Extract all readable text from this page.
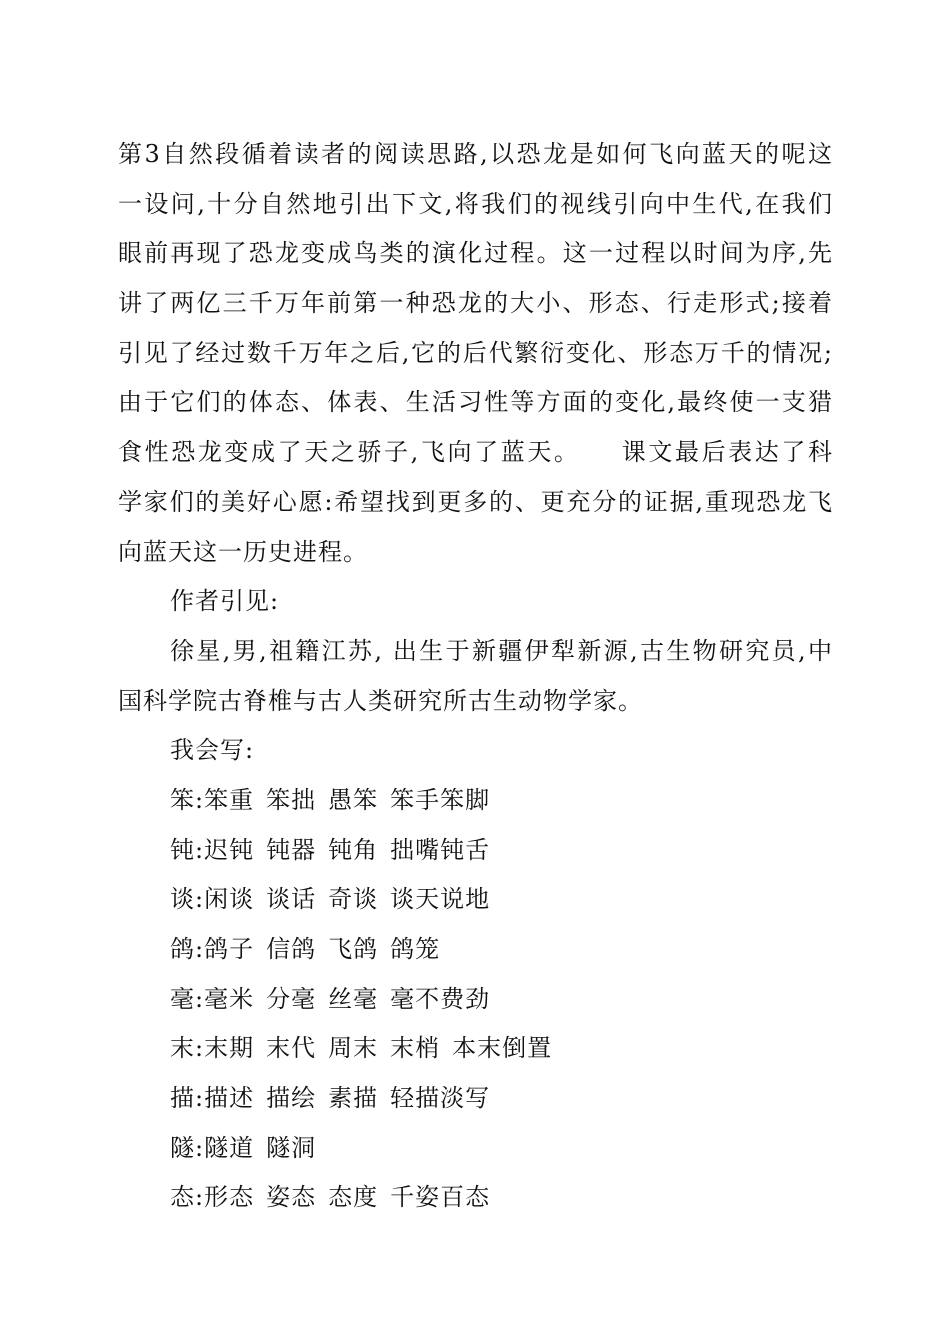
第3自然段循着读者的阅读思路,以恐龙是如何飞向蓝天的呢这
一设问,十分自然地引出下文,将我们的视线引向中生代,在我们
眼前再现了恐龙变成鸟类的演化过程。这一过程以时间为序,先
讲了两亿三千万年前第一种恐龙的大小、形态、行走形式;接着
引见了经过数千万年之后,它的后代繁衍变化、形态万千的情况;
由于它们的体态、体表、生活习性等方面的变化,最终使一支猎
食性恐龙变成了天之骄子,飞向了蓝天。　　课文最后表达了科
学家们的美好心愿:希望找到更多的、更充分的证据,重现恐龙飞
向蓝天这一历史进程。
作者引见:
徐星,男,祖籍江苏, 出生于新疆伊犁新源,古生物研究员,中
国科学院古脊椎与古人类研究所古生动物学家。
我会写:
笨:笨重 笨拙 愚笨 笨手笨脚
钝:迟钝 钝器 钝角 拙嘴钝舌
谈:闲谈 谈话 奇谈 谈天说地
鸽:鸽子 信鸽 飞鸽 鸽笼
毫:毫米 分毫 丝毫 毫不费劲
末:末期 末代 周末 末梢 本末倒置
描:描述 描绘 素描 轻描淡写
隧:隧道 隧洞
态:形态 姿态 态度 千姿百态
